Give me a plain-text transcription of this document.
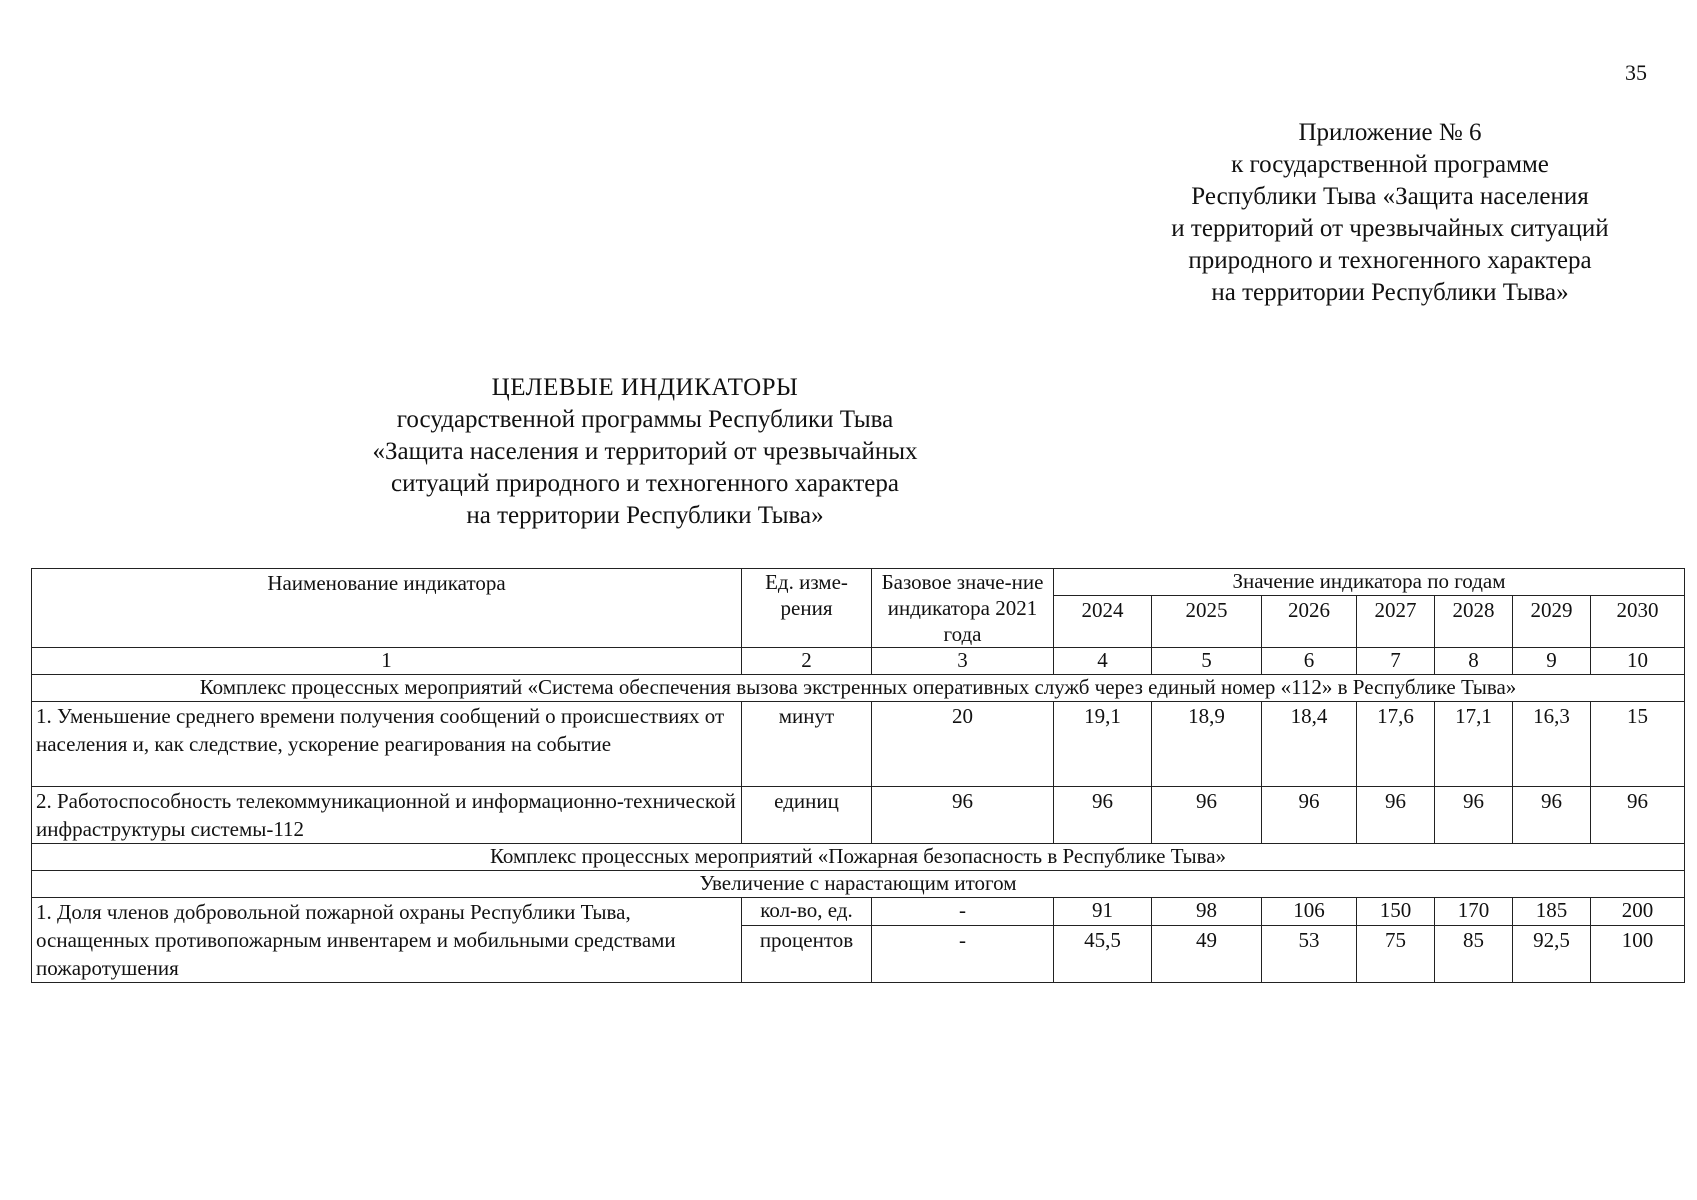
35
Приложение № 6
к государственной программе
Республики Тыва «Защита населения
и территорий от чрезвычайных ситуаций
природного и техногенного характера
на территории Республики Тыва»
ЦЕЛЕВЫЕ ИНДИКАТОРЫ
государственной программы Республики Тыва
«Защита населения и территорий от чрезвычайных
ситуаций природного и техногенного характера
на территории Республики Тыва»
Наименование индикатора	Ед. изме-рения	Базовое значе-ние индикатора 2021 года	Значение индикатора по годам						
			2024	2025	2026	2027	2028	2029	2030
1	2	3	4	5	6	7	8	9	10
Комплекс процессных мероприятий «Система обеспечения вызова экстренных оперативных служб через единый номер «112» в Республике Тыва»									
1. Уменьшение среднего времени получения сообщений о происшествиях от населения и, как следствие, ускорение реагирования на событие	минут	20	19,1	18,9	18,4	17,6	17,1	16,3	15
2. Работоспособность телекоммуникационной и информационно-технической инфраструктуры системы-112	единиц	96	96	96	96	96	96	96	96
Комплекс процессных мероприятий «Пожарная безопасность в Республике Тыва»									
Увеличение с нарастающим итогом									
1. Доля членов добровольной пожарной охраны Республики Тыва, оснащенных противопожарным инвентарем и мобильными средствами пожаротушения	кол-во, ед.	-	91	98	106	150	170	185	200
	процентов	-	45,5	49	53	75	85	92,5	100
